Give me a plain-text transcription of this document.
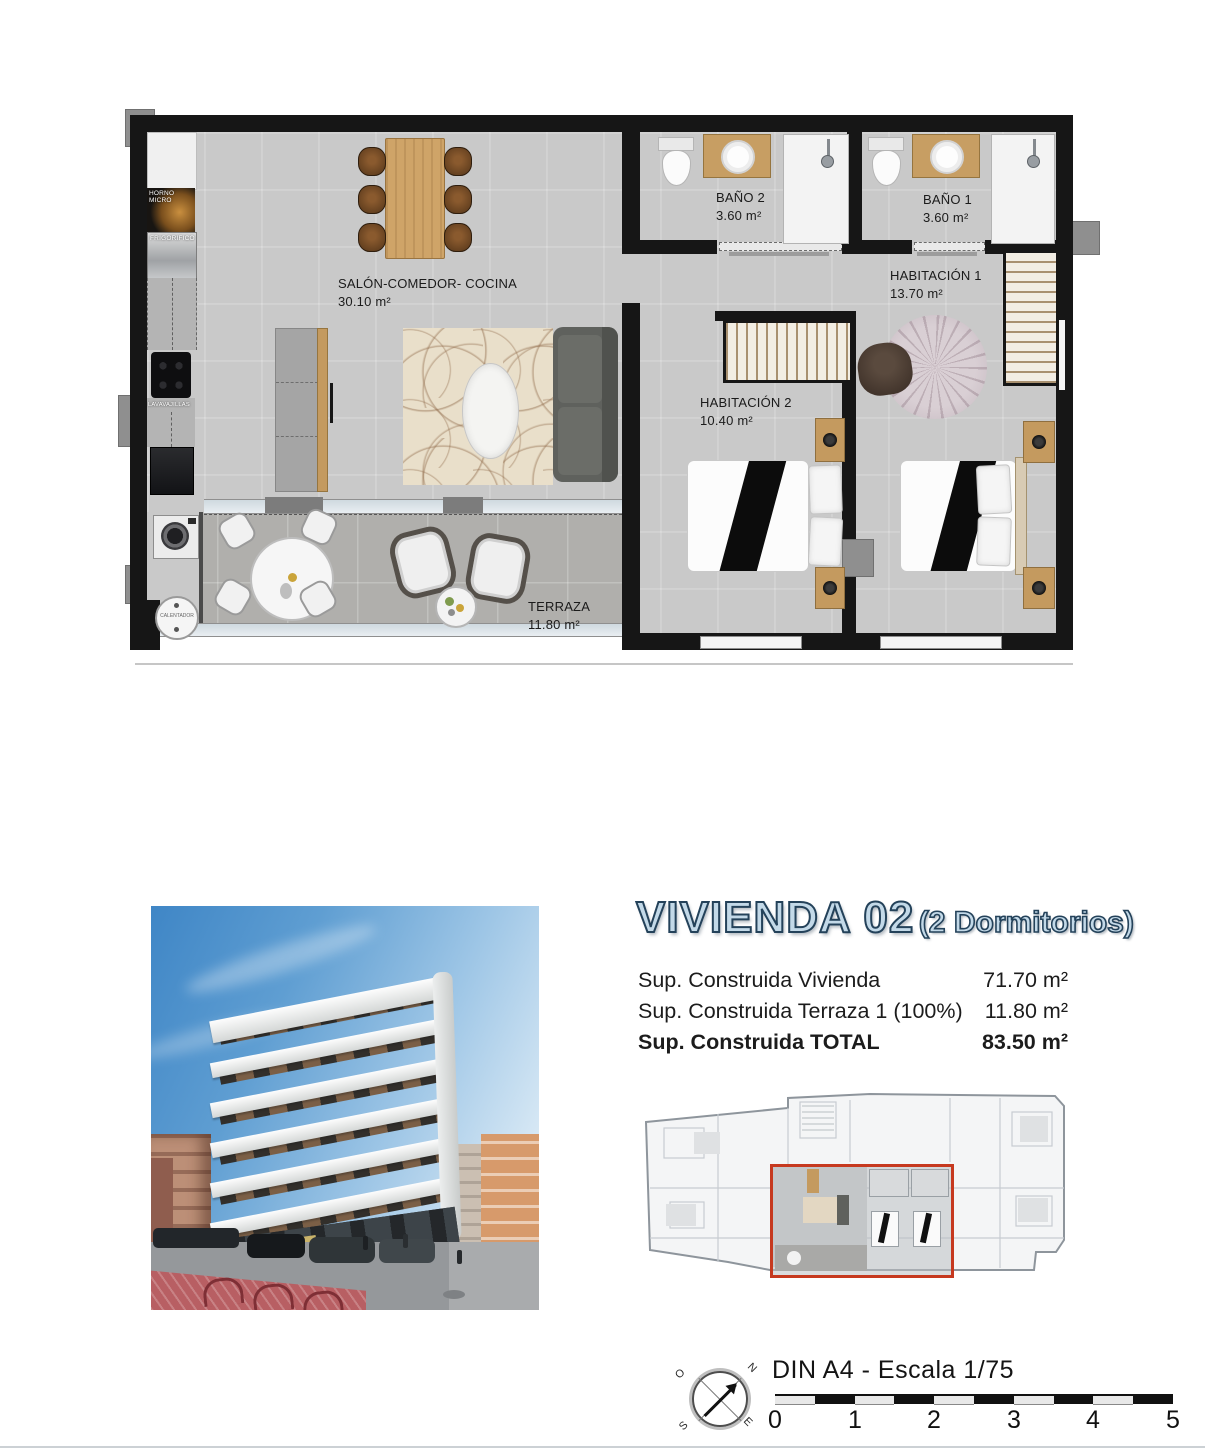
HORNO MICRO
FRIGORIFICO
LAVAVAJILLAS
CALENTADOR
SALÓN-COMEDOR- COCINA
30.10 m²
BAÑO 2
3.60 m²
BAÑO 1
3.60 m²
HABITACIÓN 1
13.70 m²
HABITACIÓN 2
10.40 m²
TERRAZA
11.80 m²
VIVIENDA 02 (2 Dormitorios)
Sup. Construida Vivienda	71.70 m²
Sup. Construida Terraza 1 (100%) 11.80 m²
Sup. Construida TOTAL	83.50 m²
N
O
S	E
DIN A4 - Escala 1/75
0	1	2	3	4	5
